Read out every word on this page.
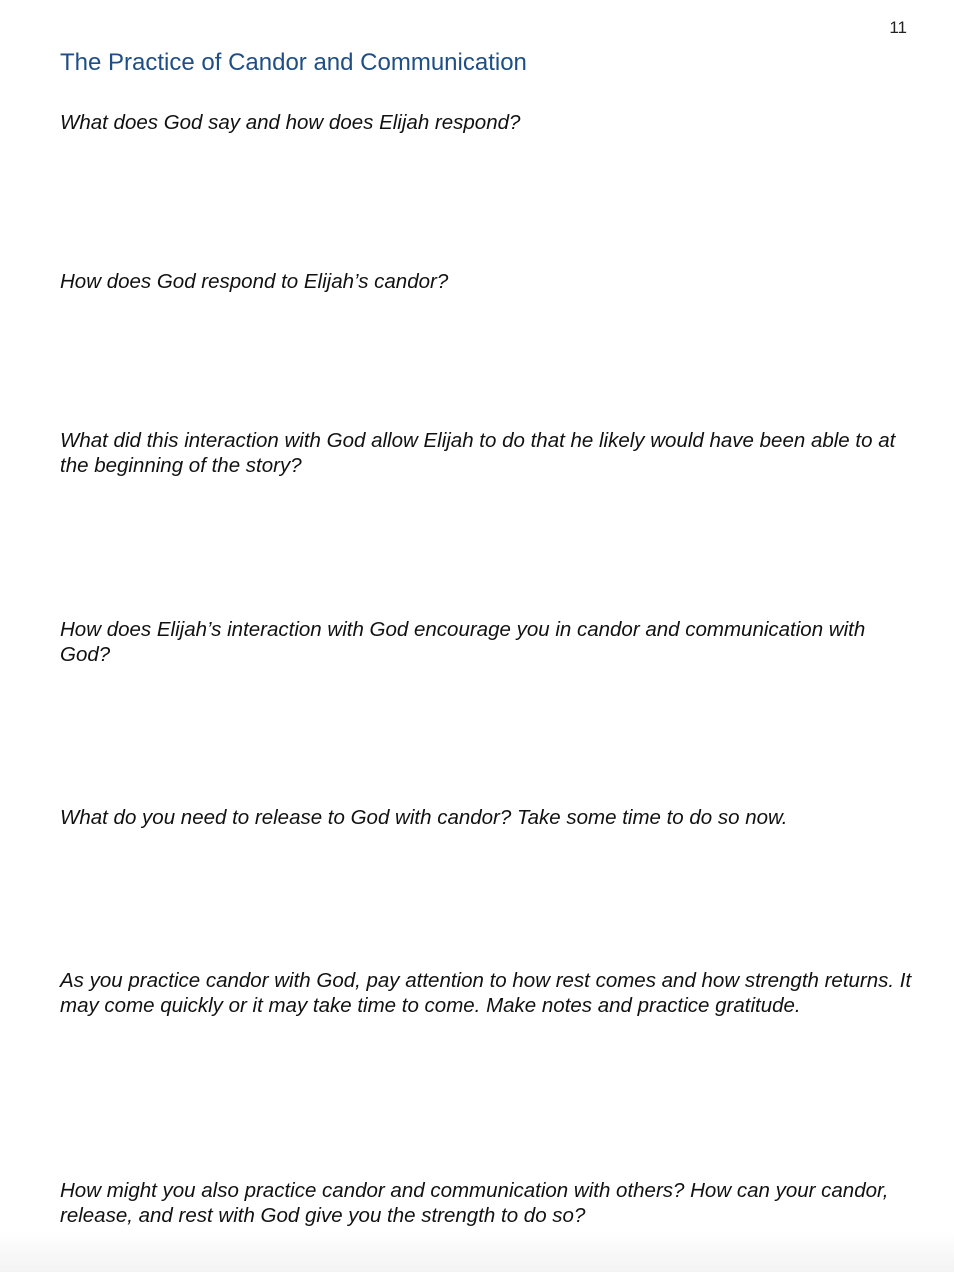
11
The Practice of Candor and Communication

What does God say and how does Elijah respond?

How does God respond to Elijah’s candor?

What did this interaction with God allow Elijah to do that he likely would have been able to at the beginning of the story?

How does Elijah’s interaction with God encourage you in candor and communication with God?

What do you need to release to God with candor? Take some time to do so now.

As you practice candor with God, pay attention to how rest comes and how strength returns. It may come quickly or it may take time to come. Make notes and practice gratitude.

How might you also practice candor and communication with others? How can your candor, release, and rest with God give you the strength to do so?
